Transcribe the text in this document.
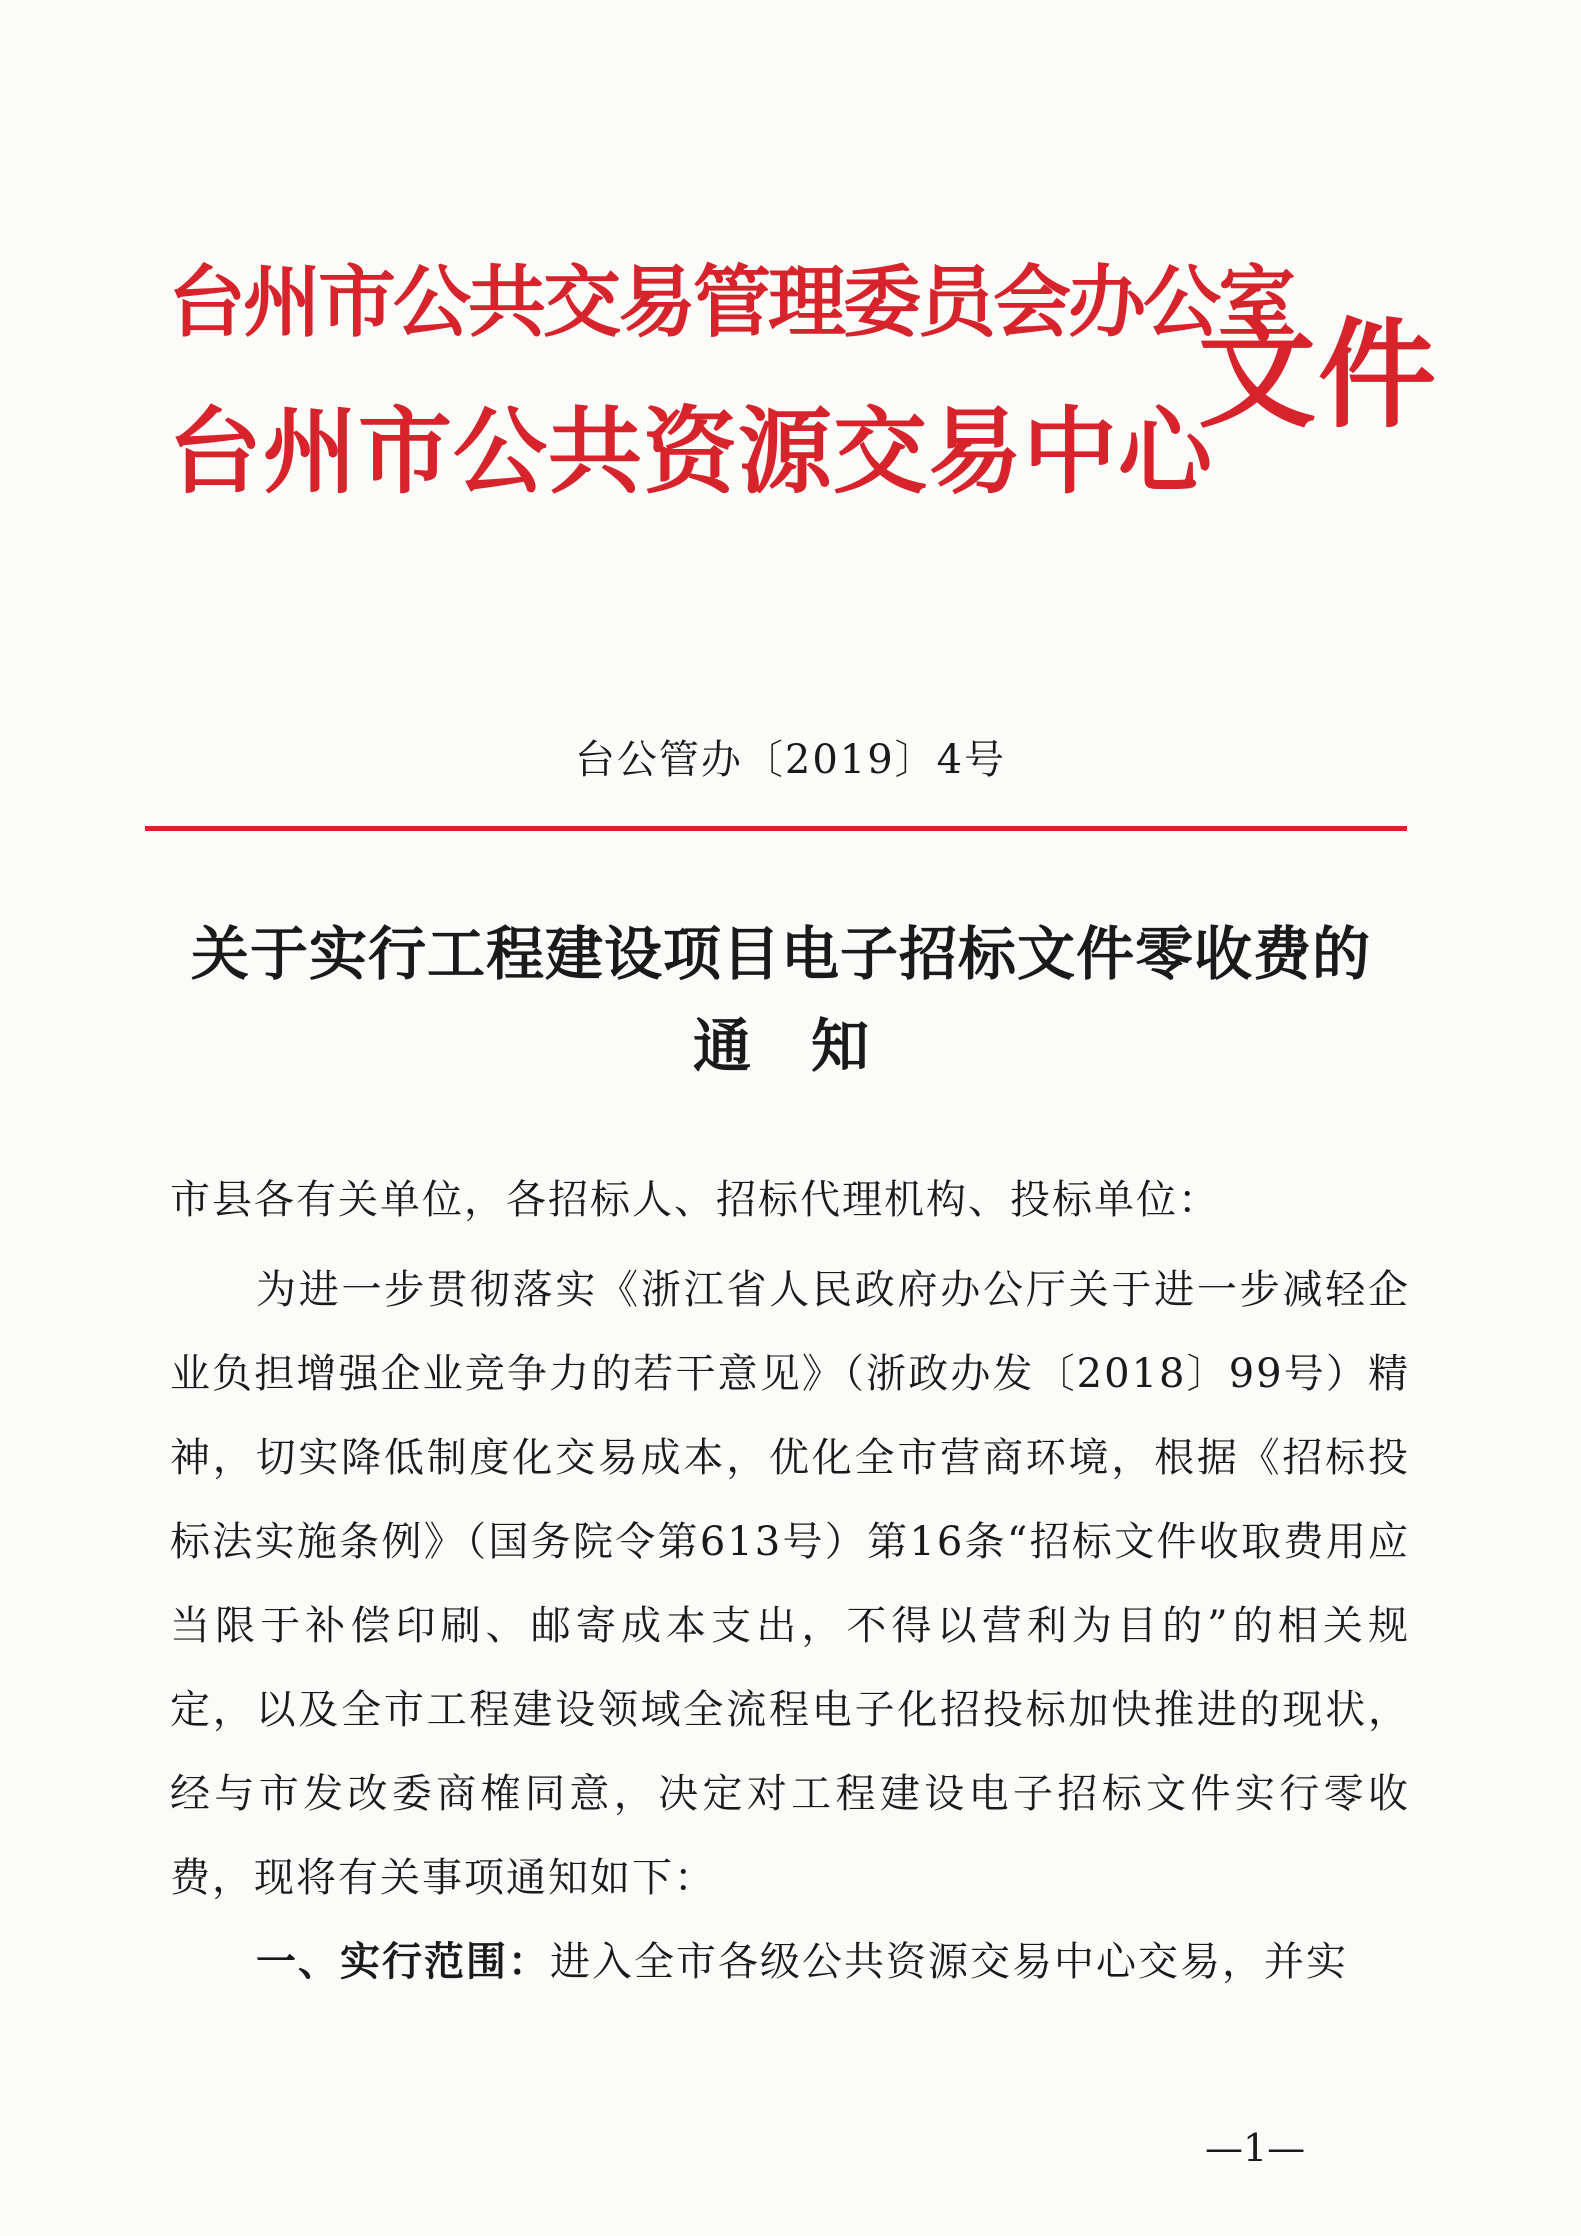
台州市公共交易管理委员会办公室
台州市公共资源交易中心
文件
台公管办〔2019〕4号
关于实行工程建设项目电子招标文件零收费的
通知
市县各有关单位，各招标人、招标代理机构、投标单位：

为进一步贯彻落实《浙江省人民政府办公厅关于进一步减轻企业负担增强企业竞争力的若干意见》（浙政办发〔2018〕99号）精神，切实降低制度化交易成本，优化全市营商环境，根据《招标投标法实施条例》（国务院令第613号）第16条“招标文件收取费用应当限于补偿印刷、邮寄成本支出，不得以营利为目的”的相关规定，以及全市工程建设领域全流程电子化招投标加快推进的现状，经与市发改委商榷同意，决定对工程建设电子招标文件实行零收费，现将有关事项通知如下：

一、实行范围：进入全市各级公共资源交易中心交易，并实

—1—
